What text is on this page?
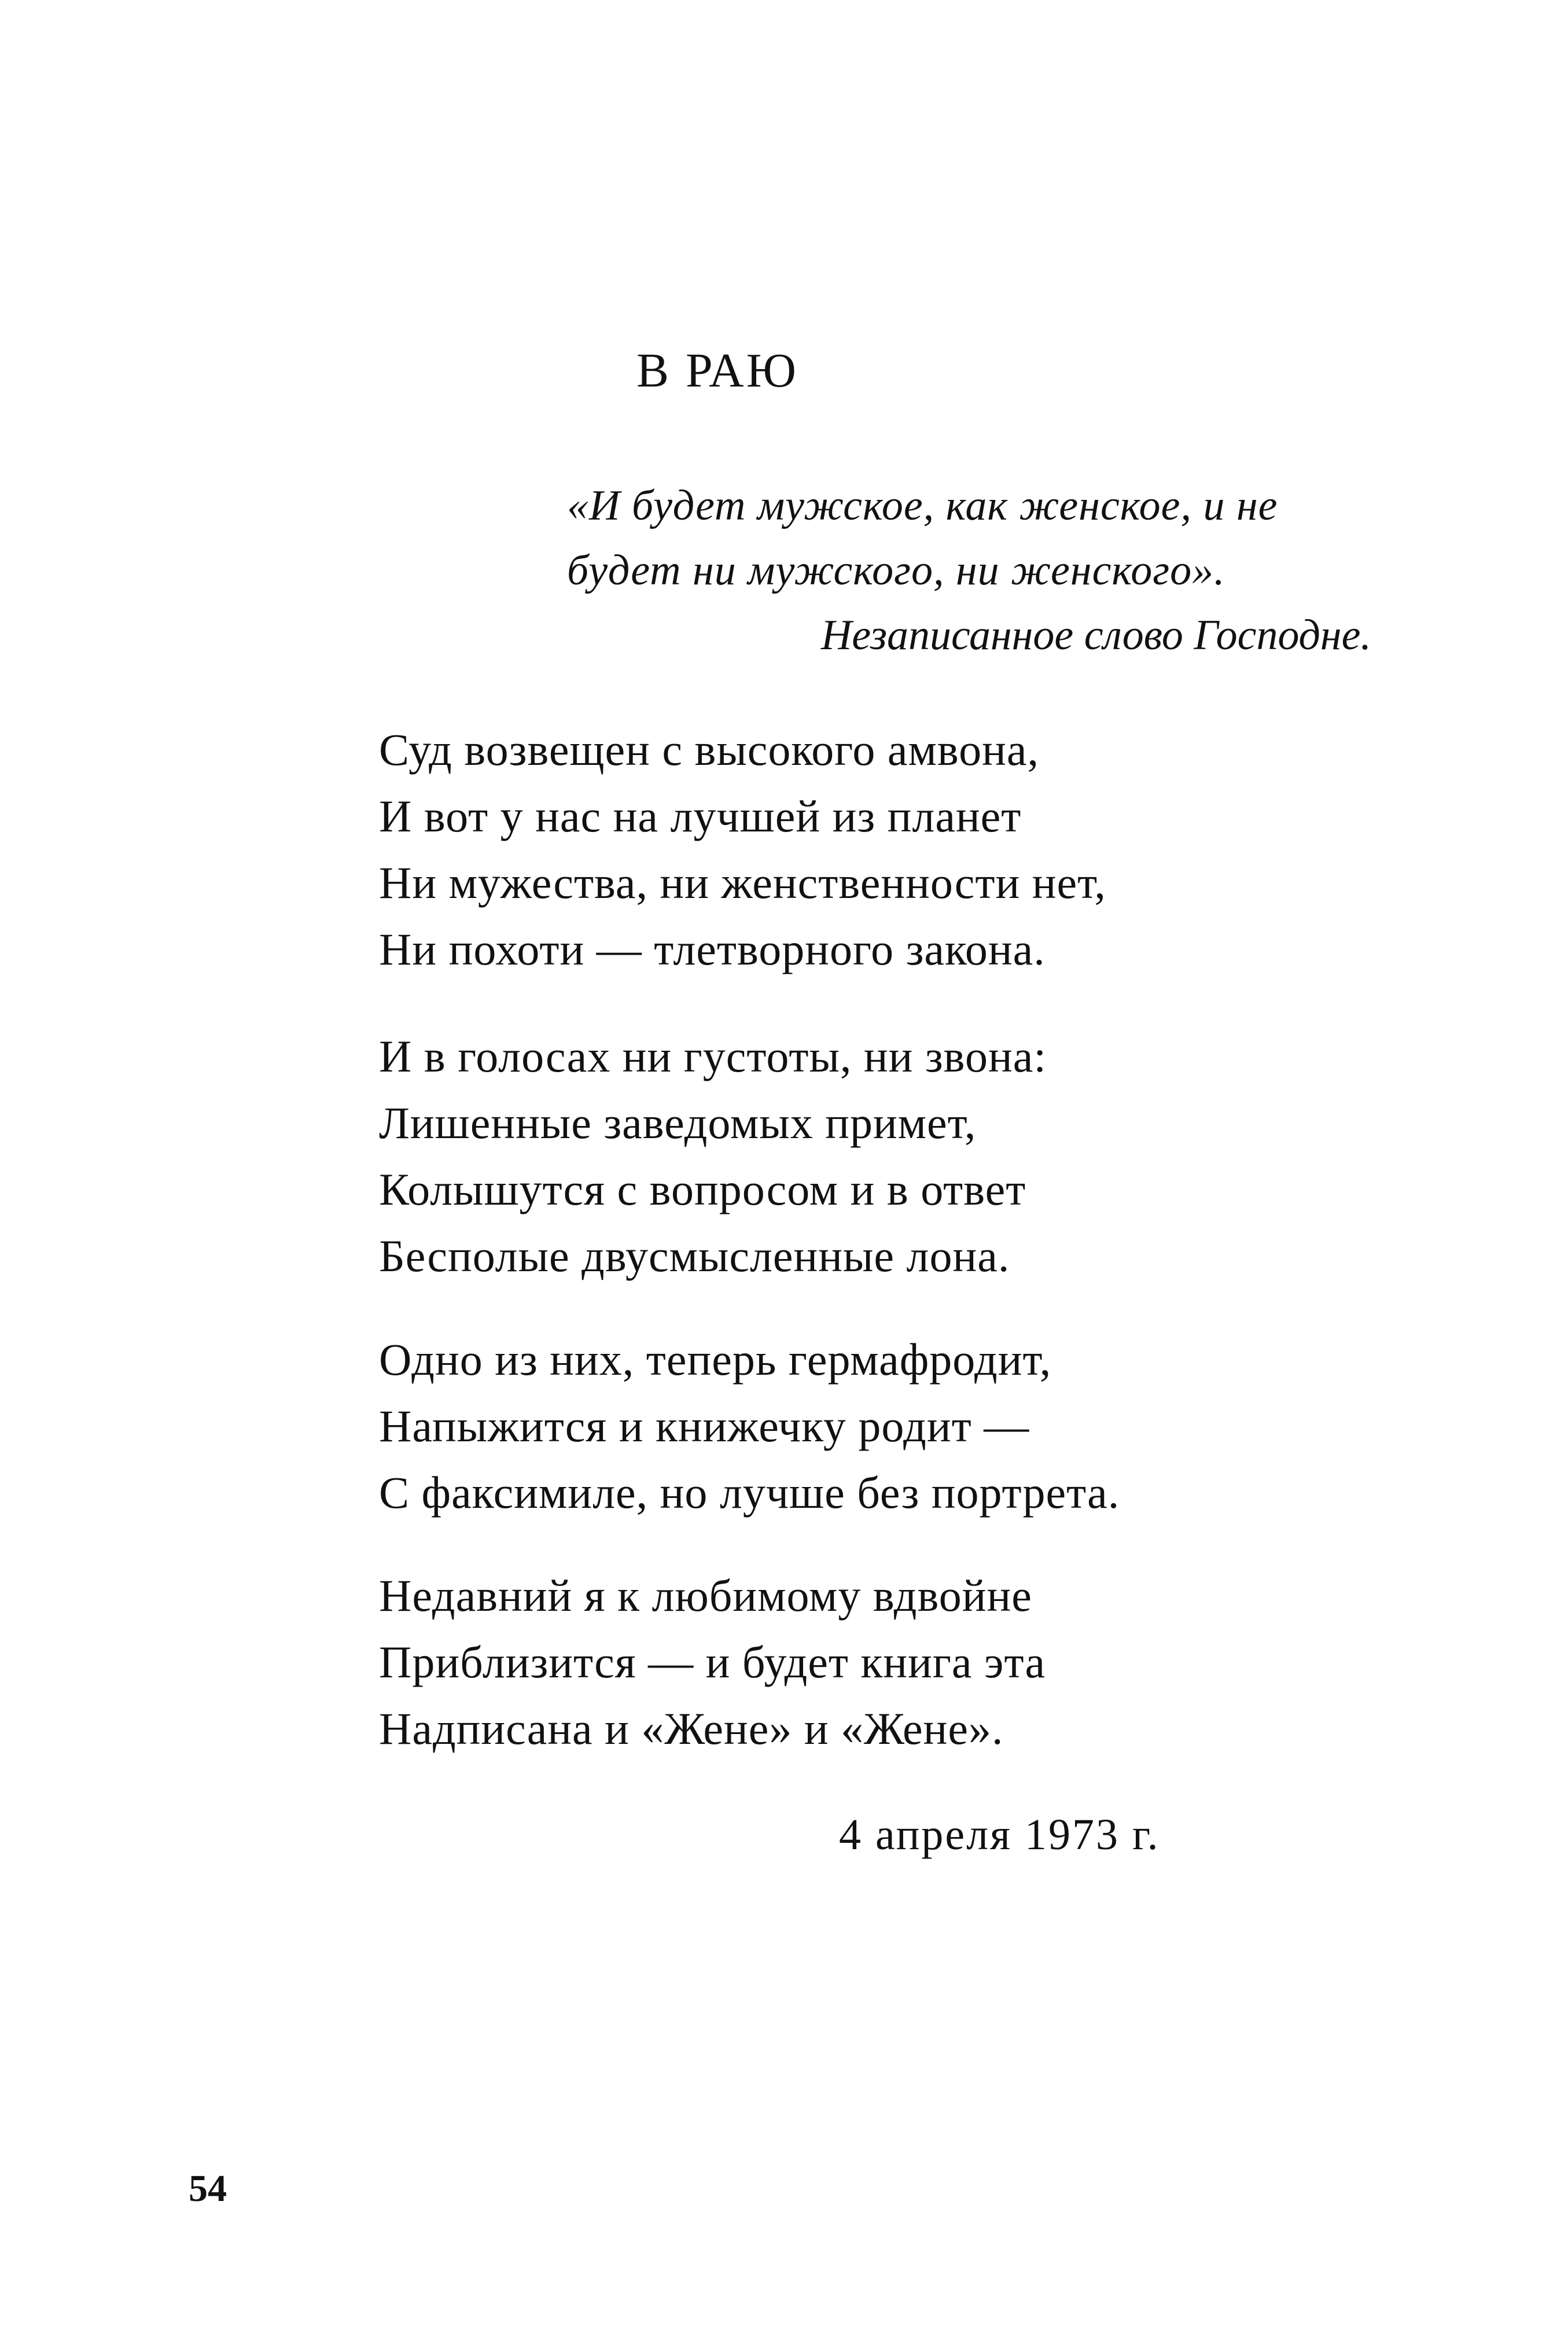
В РАЮ
«И будет мужское, как женское, и не
будет ни мужского, ни женского».
Незаписанное слово Господне.
Суд возвещен с высокого амвона,
И вот у нас на лучшей из планет
Ни мужества, ни женственности нет,
Ни похоти — тлетворного закона.
И в голосах ни густоты, ни звона:
Лишенные заведомых примет,
Колышутся с вопросом и в ответ
Бесполые двусмысленные лона.
Одно из них, теперь гермафродит,
Напыжится и книжечку родит —
С факсимиле, но лучше без портрета.
Недавний я к любимому вдвойне
Приблизится — и будет книга эта
Надписана и «Жене» и «Жене».
4 апреля 1973 г.
54
